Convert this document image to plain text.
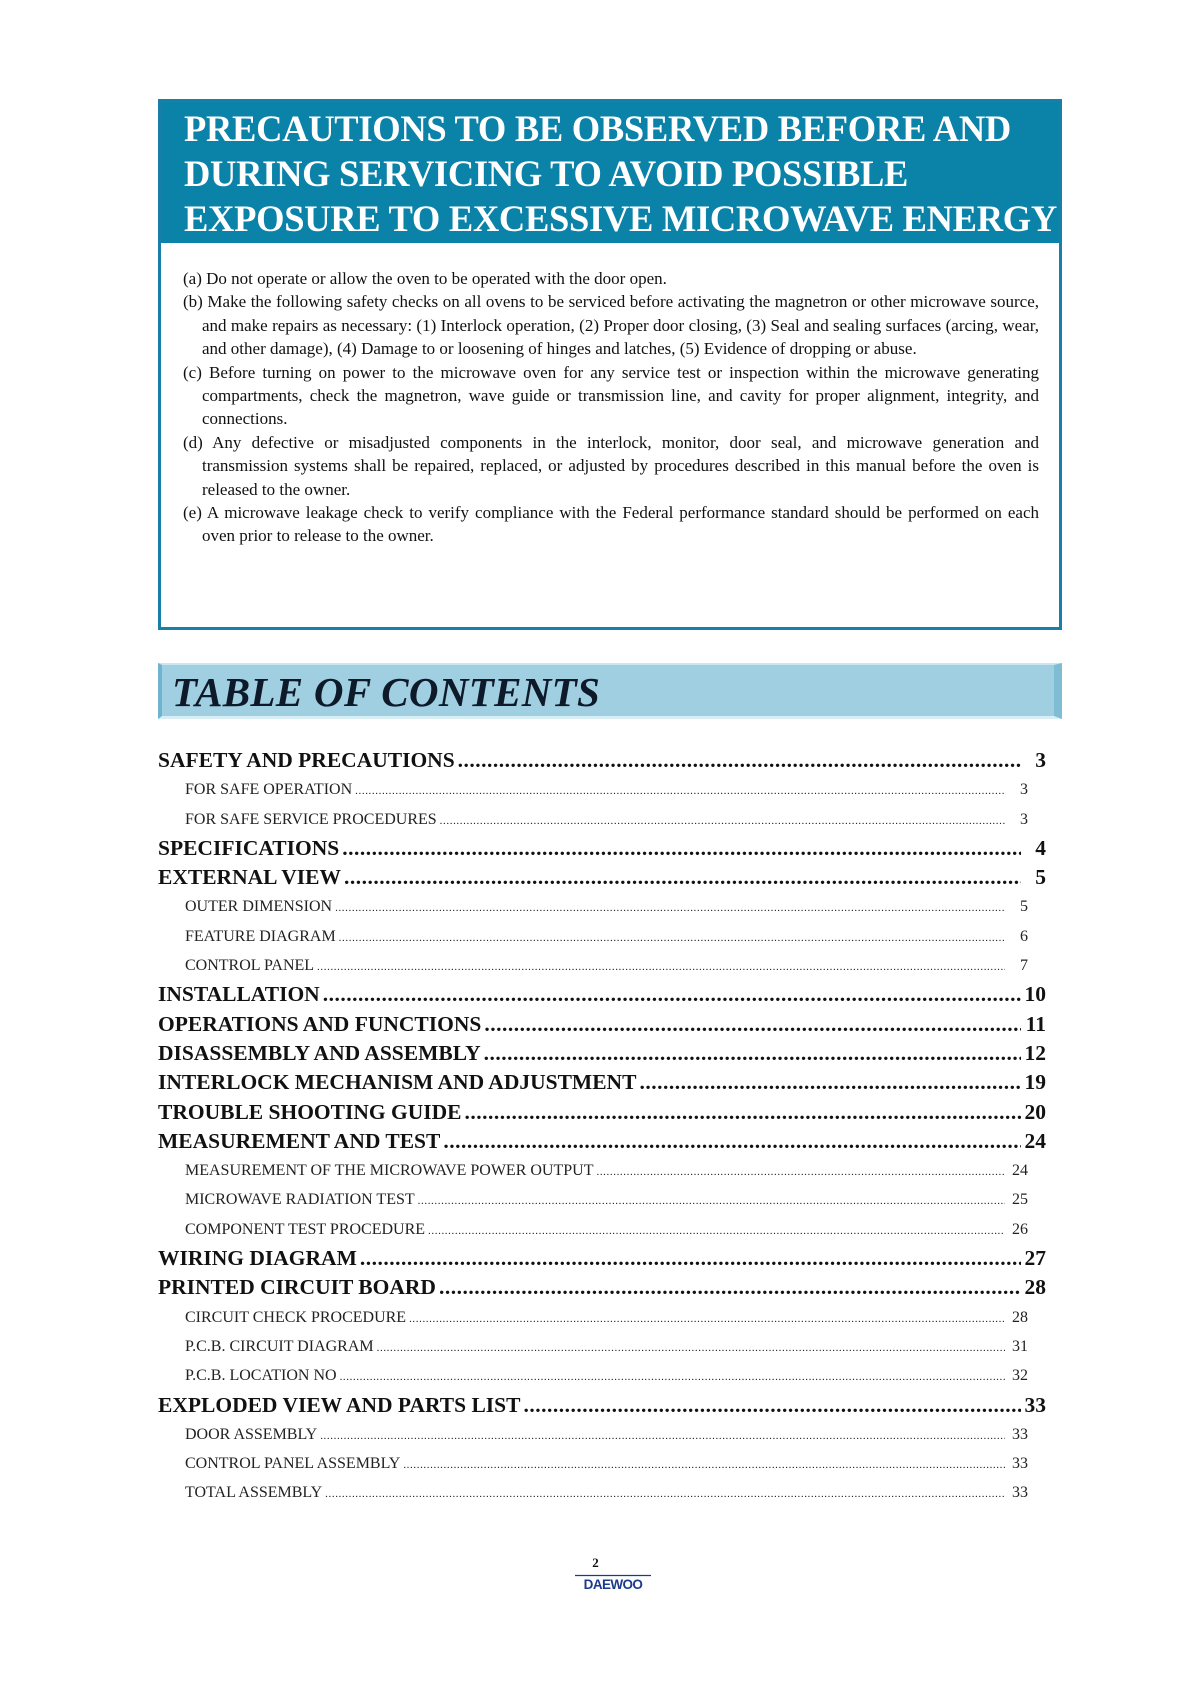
PRECAUTIONS TO BE OBSERVED BEFORE AND
DURING SERVICING TO AVOID POSSIBLE
EXPOSURE TO EXCESSIVE MICROWAVE ENERGY

(a) Do not operate or allow the oven to be operated with the door open.

(b) Make the following safety checks on all ovens to be serviced before activating the magnetron or other microwave source, and make repairs as necessary: (1) Interlock operation, (2) Proper door closing, (3) Seal and sealing surfaces (arcing, wear, and other damage), (4) Damage to or loosening of hinges and latches, (5) Evidence of dropping or abuse.

(c) Before turning on power to the microwave oven for any service test or inspection within the microwave generating compartments, check the magnetron, wave guide or transmission line, and cavity for proper alignment, integrity, and connections.

(d) Any defective or misadjusted components in the interlock, monitor, door seal, and microwave generation and transmission systems shall be repaired, replaced, or adjusted by procedures described in this manual before the oven is released to the owner.

(e) A microwave leakage check to verify compliance with the Federal performance standard should be performed on each oven prior to release to the owner.

TABLE OF CONTENTS
SAFETY AND PRECAUTIONS .....	3
FOR SAFE OPERATION .....	3
FOR SAFE SERVICE PROCEDURES .....	3
SPECIFICATIONS .....	4
EXTERNAL VIEW .....	5
OUTER DIMENSION .....	5
FEATURE DIAGRAM .....	6
CONTROL PANEL .....	7
INSTALLATION .....	10
OPERATIONS AND FUNCTIONS .....	11
DISASSEMBLY AND ASSEMBLY .....	12
INTERLOCK MECHANISM AND ADJUSTMENT .....	19
TROUBLE SHOOTING GUIDE .....	20
MEASUREMENT AND TEST .....	24
MEASUREMENT OF THE MICROWAVE POWER OUTPUT .....	24
MICROWAVE RADIATION TEST .....	25
COMPONENT TEST PROCEDURE .....	26
WIRING DIAGRAM .....	27
PRINTED CIRCUIT BOARD .....	28
CIRCUIT CHECK PROCEDURE .....	28
P.C.B. CIRCUIT DIAGRAM .....	31
P.C.B. LOCATION NO .....	32
EXPLODED VIEW AND PARTS LIST .....	33
DOOR ASSEMBLY .....	33
CONTROL PANEL ASSEMBLY .....	33
TOTAL ASSEMBLY .....	33
2
DAEWOO
